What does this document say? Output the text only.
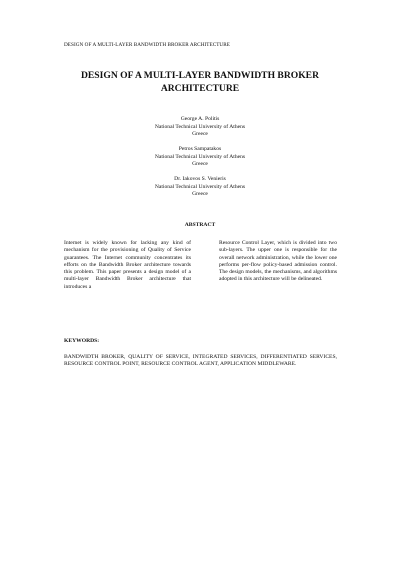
DESIGN OF A MULTI-LAYER BANDWIDTH BROKER ARCHITECTURE
DESIGN OF A MULTI-LAYER BANDWIDTH BROKER
ARCHITECTURE
George A. Politis
National Technical University of Athens
Greece
Petros Sampatakos
National Technical University of Athens
Greece
Dr. Iakovos S. Venieris
National Technical University of Athens
Greece
ABSTRACT
Internet is widely known for lacking any kind of mechanism for the provisioning of Quality of Service guarantees. The Internet community concentrates its efforts on the Bandwidth Broker architecture towards this problem. This paper presents a design model of a multi-layer Bandwidth Broker architecture that introduces a
Resource Control Layer, which is divided into two sub-layers. The upper one is responsible for the overall network administration, while the lower one performs per-flow policy-based admission control. The design models, the mechanisms, and algorithms adopted in this architecture will be delineated.
KEYWORDS:
BANDWIDTH BROKER, QUALITY OF SERVICE, INTEGRATED SERVICES, DIFFERENTIATED SERVICES, RESOURCE CONTROL POINT, RESOURCE CONTROL AGENT, APPLICATION MIDDLEWARE.
